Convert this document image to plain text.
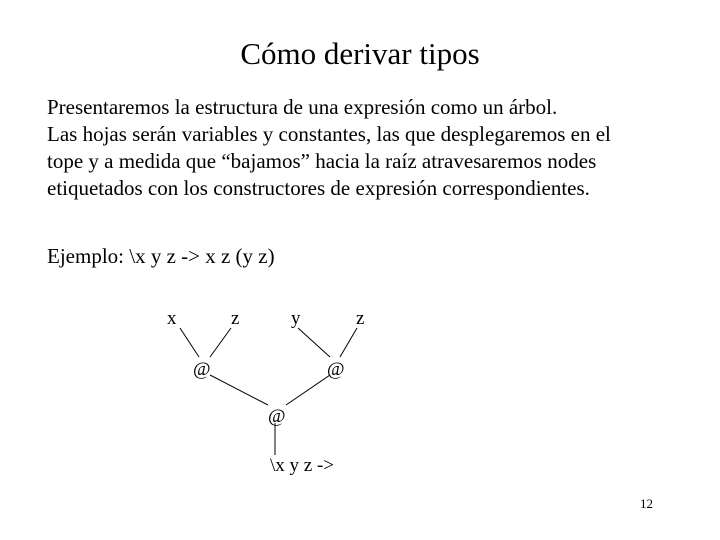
Cómo derivar tipos
Presentaremos la estructura de una expresión como un árbol.
Las hojas serán variables y constantes, las que desplegaremos en el
tope y a medida que “bajamos” hacia la raíz atravesaremos nodes
etiquetados con los constructores de expresión correspondientes.
Ejemplo: \x y z -> x z (y z)
x	z	y	z
@	@
@
\x y z ->
12
